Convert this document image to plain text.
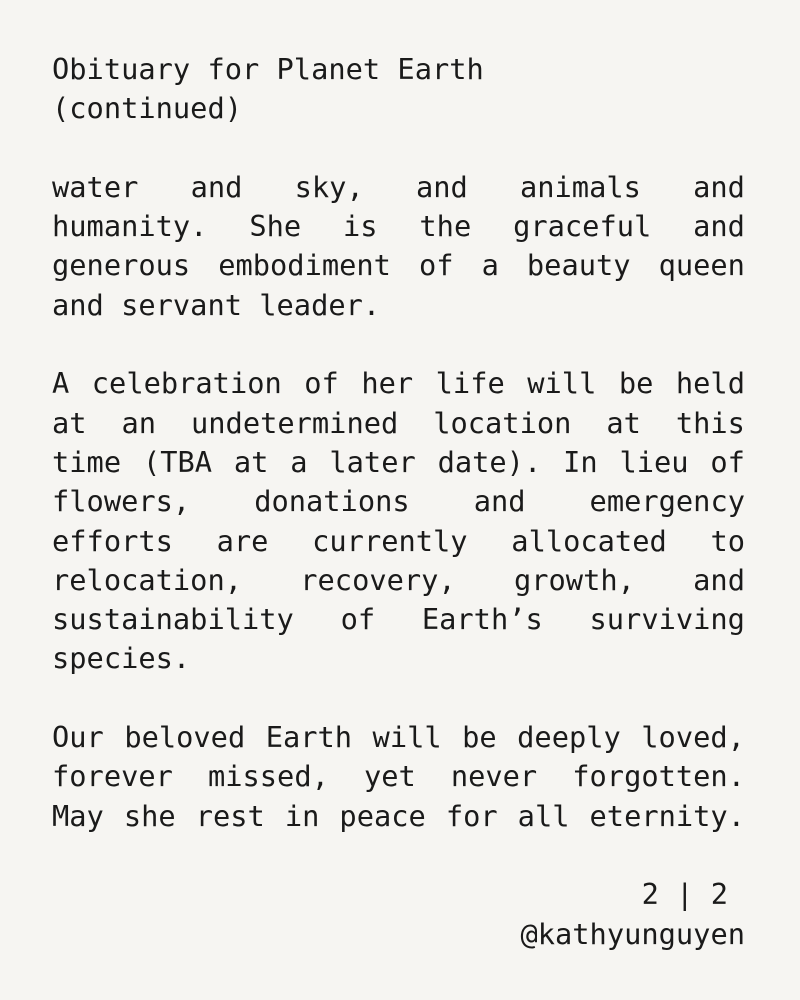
Obituary for Planet Earth
(continued)
water and sky, and animals and
humanity. She is the graceful and
generous embodiment of a beauty queen
and servant leader.
A celebration of her life will be held
at an undetermined location at this
time (TBA at a later date). In lieu of
flowers, donations and emergency
efforts are currently allocated to
relocation, recovery, growth, and
sustainability of Earth’s surviving
species.
Our beloved Earth will be deeply loved,
forever missed, yet never forgotten.
May she rest in peace for all eternity.
2 | 2
@kathyunguyen
